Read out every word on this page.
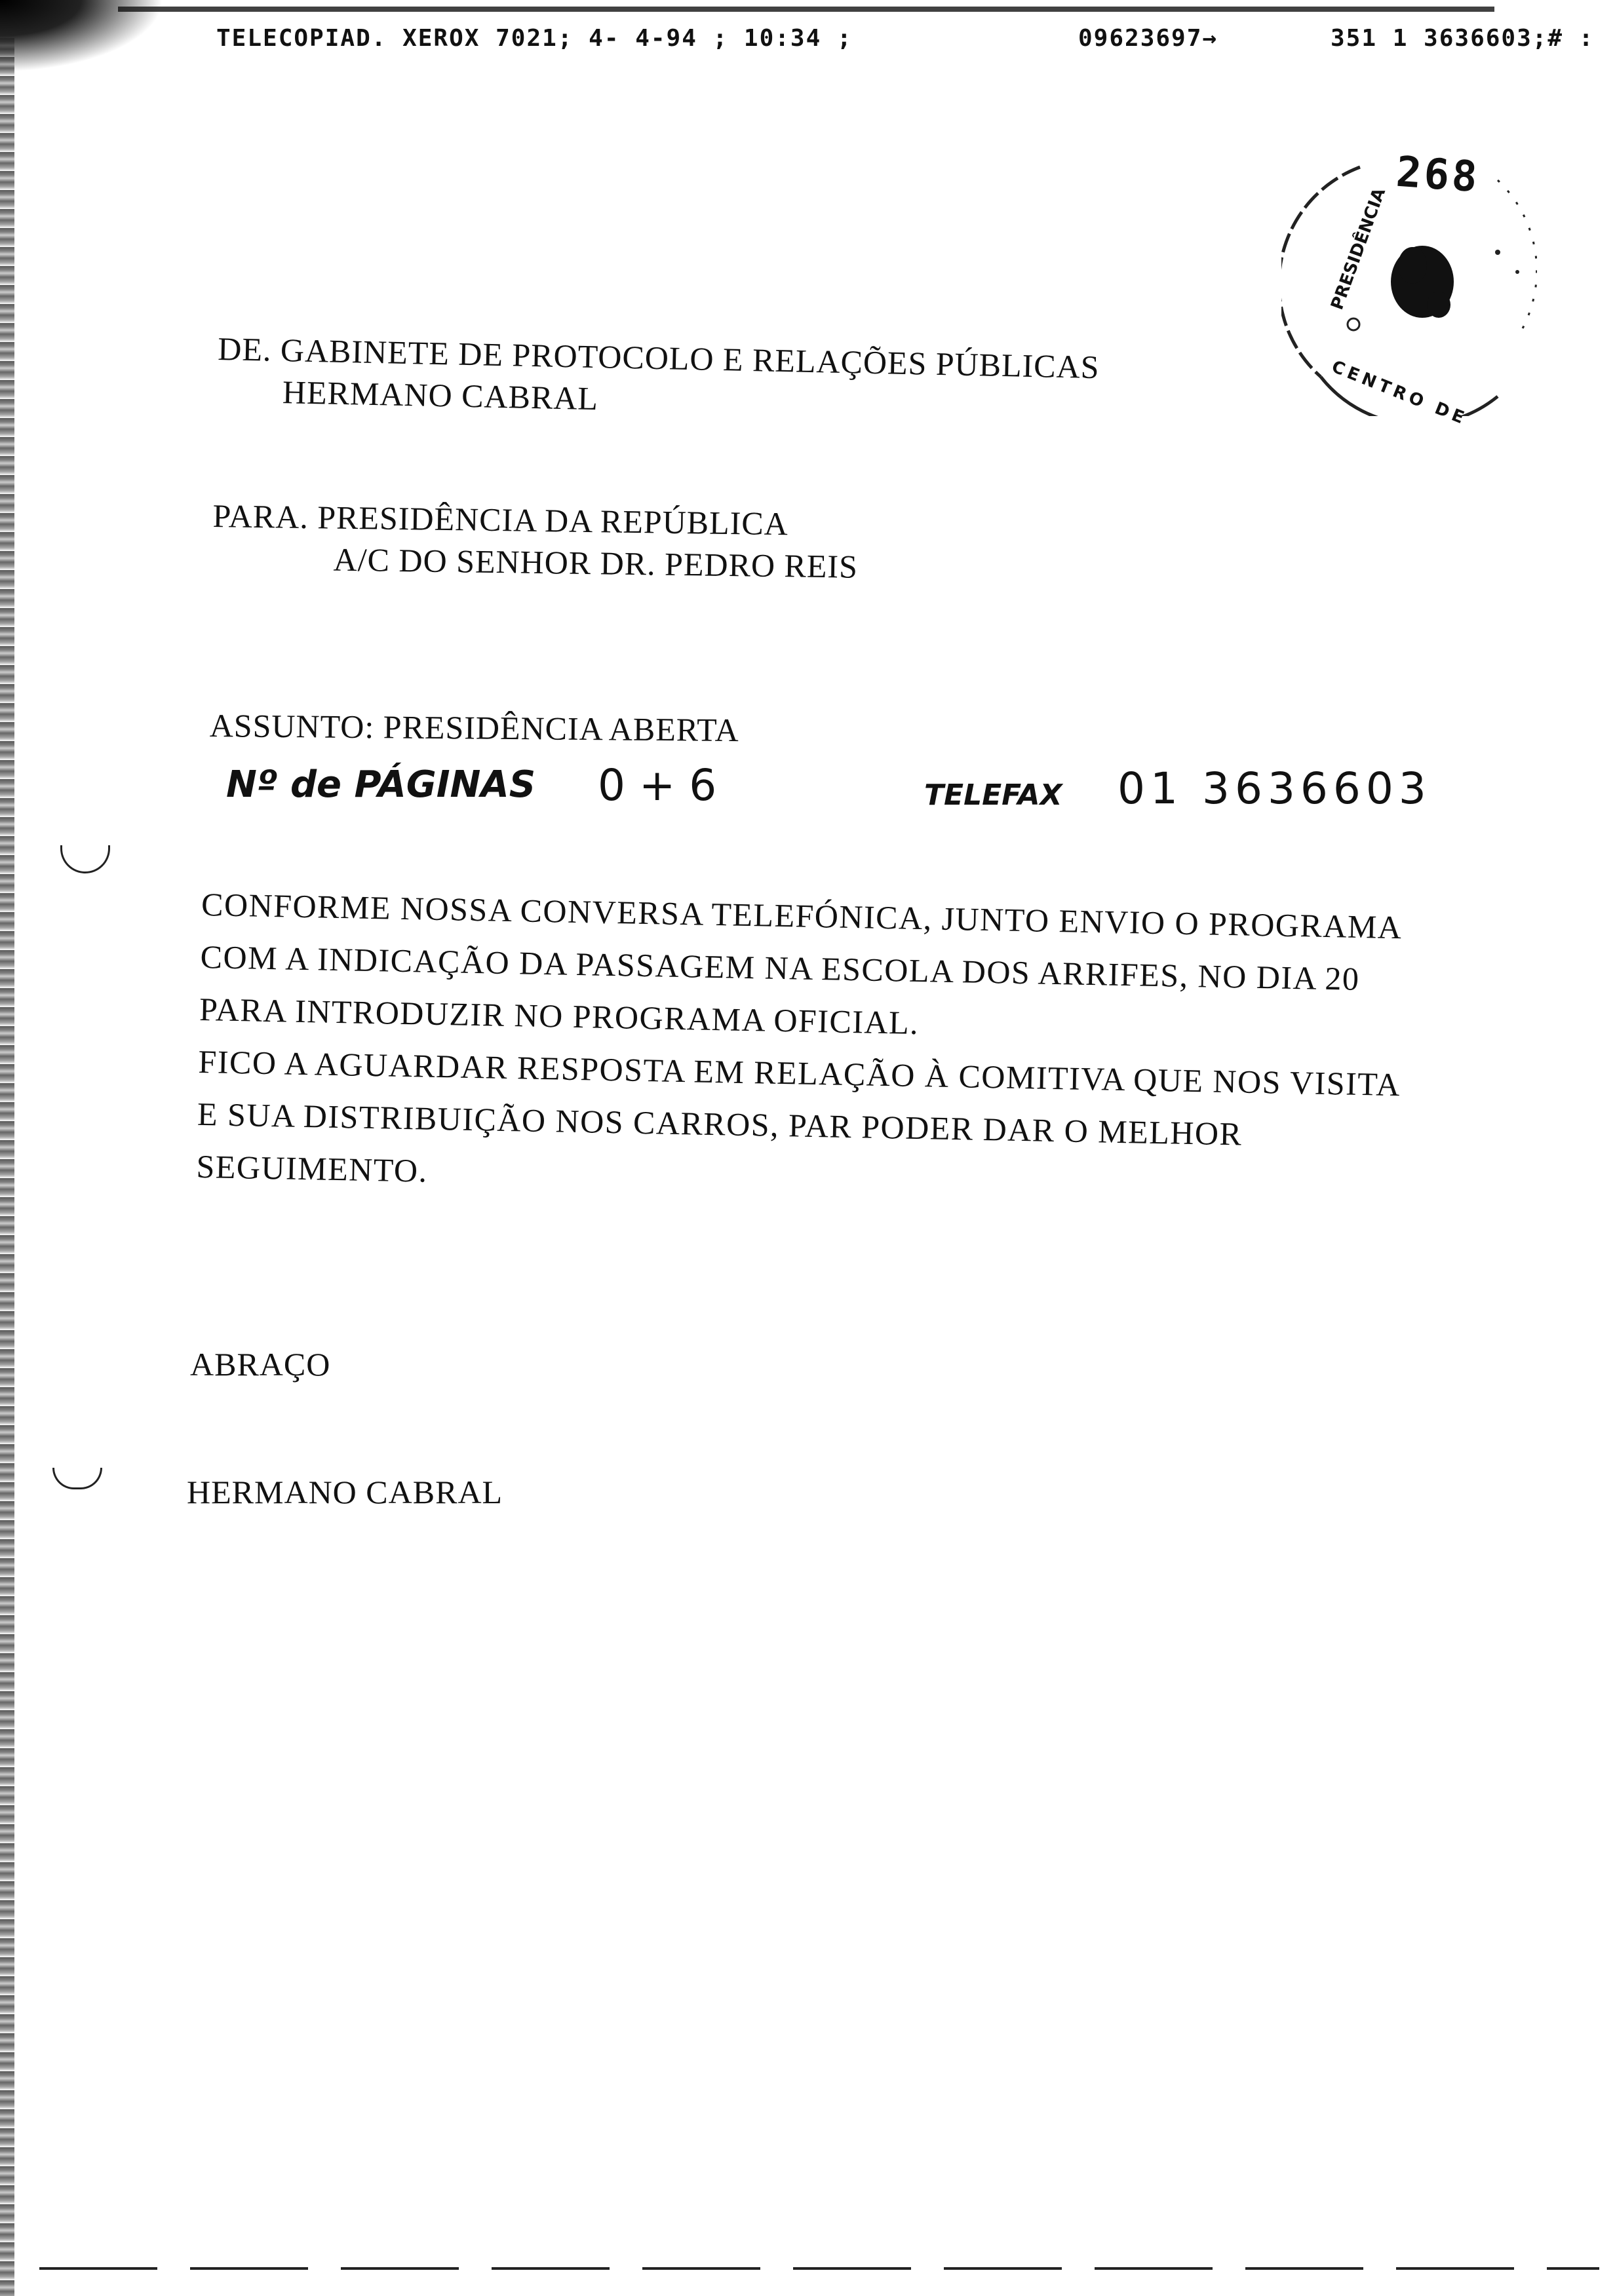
TELECOPIAD. XEROX 7021; 4- 4-94 ; 10:34 ;	09623697→	351 1 3636603;# :
268
PRESIDÊNCIA
CENTRO DE
DE. GABINETE DE PROTOCOLO E RELAÇÕES PÚBLICAS
HERMANO CABRAL
PARA. PRESIDÊNCIA DA REPÚBLICA
A/C DO SENHOR DR. PEDRO REIS
ASSUNTO: PRESIDÊNCIA ABERTA
Nº de PÁGINAS 0 + 6	TELEFAX 01 3636603
CONFORME NOSSA CONVERSA TELEFÓNICA, JUNTO ENVIO O PROGRAMA
COM A INDICAÇÃO DA PASSAGEM NA ESCOLA DOS ARRIFES, NO DIA 20
PARA INTRODUZIR NO PROGRAMA OFICIAL.
FICO A AGUARDAR RESPOSTA EM RELAÇÃO À COMITIVA QUE NOS VISITA
E SUA DISTRIBUIÇÃO NOS CARROS, PAR PODER DAR O MELHOR
SEGUIMENTO.
ABRAÇO
HERMANO CABRAL
